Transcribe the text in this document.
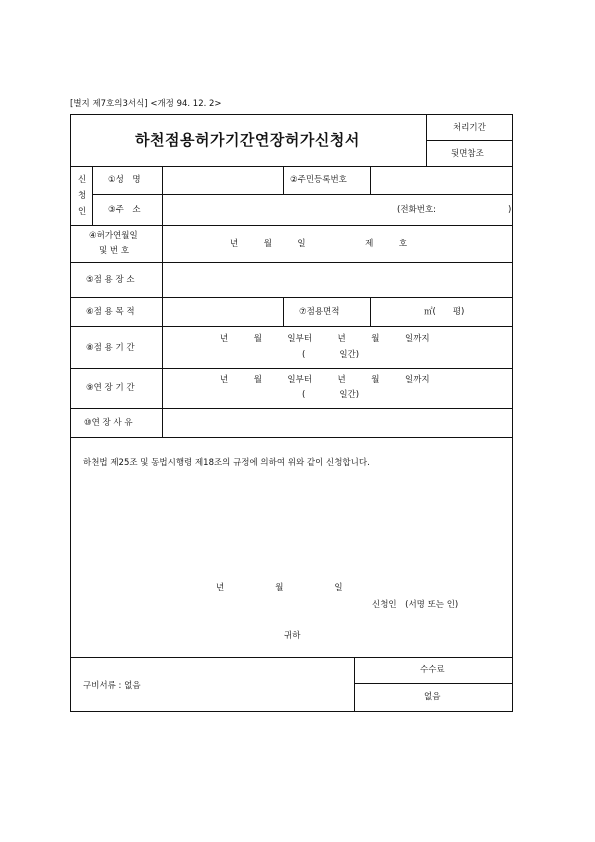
[별지 제7호의3서식] <개정 94. 12. 2>
하천점용허가기간연장허가신청서
처리기간
뒷면참조
신
청
인
①성　명	②주민등록번호
③주　소	(전화번호:	)
④허가연월일
및 번 호
년　　　월　　　일　　　　　　　제　　　호
⑤점 용 장 소
⑥점 용 목 적	⑦점용면적	㎡(　　평)
⑧점 용 기 간
년　　　월　　　일부터　　　년　　　월　　　일까지
(　　　　일간)
⑨연 장 기 간
년　　　월　　　일부터　　　년　　　월　　　일까지
(　　　　일간)
⑩연 장 사 유
하천법 제25조 및 동법시행령 제18조의 규정에 의하여 위와 같이 신청합니다.
년　　　　　　월　　　　　　일
신청인　(서명 또는 인)
귀하
구비서류 : 없음
수수료
없음
